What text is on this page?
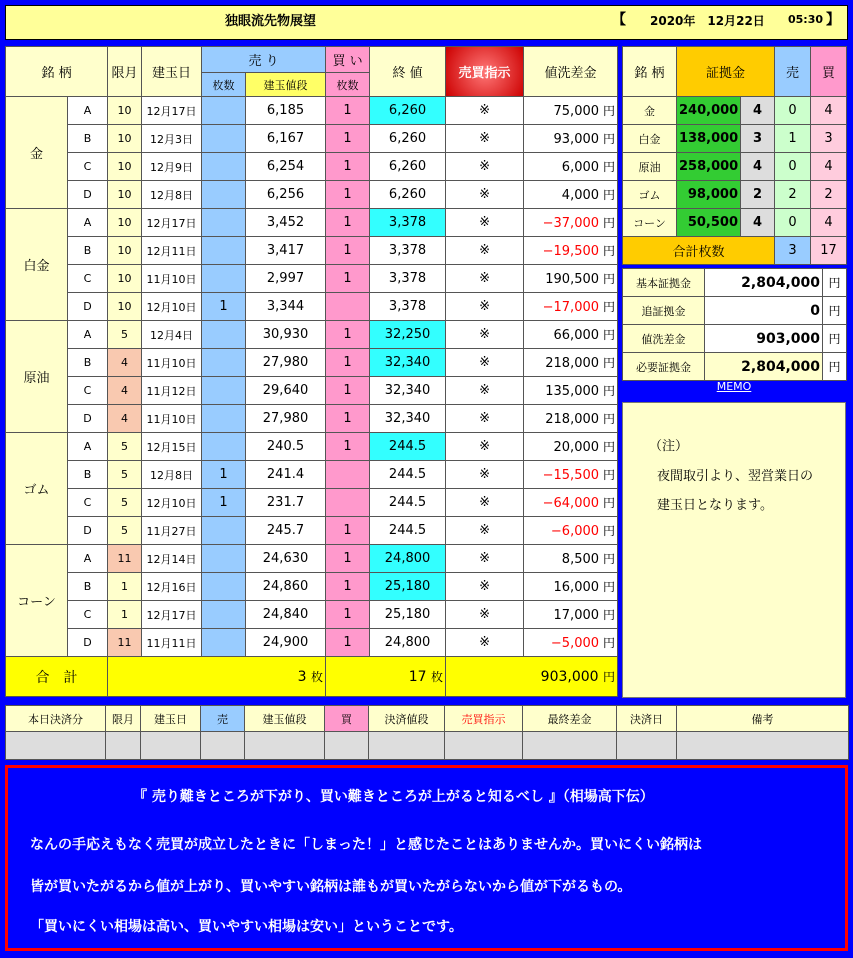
独眼流先物展望	【 2020年　12月22日 05:30 】
銘 柄		限月	建玉日	売 り		買 い	終 値	売買指示	値洗差金
				枚数	建玉値段	枚数			
金	A	10	12月17日		6,185	1	6,260	※	75,000 円
	B	10	12月3日		6,167	1	6,260	※	93,000 円
	C	10	12月9日		6,254	1	6,260	※	6,000 円
	D	10	12月8日		6,256	1	6,260	※	4,000 円
白金	A	10	12月17日		3,452	1	3,378	※	−37,000 円
	B	10	12月11日		3,417	1	3,378	※	−19,500 円
	C	10	11月10日		2,997	1	3,378	※	190,500 円
	D	10	12月10日	1	3,344		3,378	※	−17,000 円
原油	A	5	12月4日		30,930	1	32,250	※	66,000 円
	B	4	11月10日		27,980	1	32,340	※	218,000 円
	C	4	11月12日		29,640	1	32,340	※	135,000 円
	D	4	11月10日		27,980	1	32,340	※	218,000 円
ゴム	A	5	12月15日		240.5	1	244.5	※	20,000 円
	B	5	12月8日	1	241.4		244.5	※	−15,500 円
	C	5	12月10日	1	231.7		244.5	※	−64,000 円
	D	5	11月27日		245.7	1	244.5	※	−6,000 円
コーン	A	11	12月14日		24,630	1	24,800	※	8,500 円
	B	1	12月16日		24,860	1	25,180	※	16,000 円
	C	1	12月17日		24,840	1	25,180	※	17,000 円
	D	11	11月11日		24,900	1	24,800	※	−5,000 円
合　計		3 枚				17 枚		903,000 円	
銘 柄	証拠金		売	買
金	240,000	4	0	4
白金	138,000	3	1	3
原油	258,000	4	0	4
ゴム	98,000	2	2	2
コーン	50,500	4	0	4
合計枚数			3	17
基本証拠金	2,804,000	円
追証拠金	0	円
値洗差金	903,000	円
必要証拠金	2,804,000	円
MEMO
（注）
夜間取引より、翌営業日の
建玉日となります。
本日決済分	限月	建玉日	売	建玉値段	買	決済値段	売買指示	最終差金	決済日	備考

『 売り難きところが下がり、買い難きところが上がると知るべし 』（相場高下伝）

なんの手応えもなく売買が成立したときに「しまった！」と感じたことはありませんか。買いにくい銘柄は

皆が買いたがるから値が上がり、買いやすい銘柄は誰もが買いたがらないから値が下がるもの。

「買いにくい相場は高い、買いやすい相場は安い」ということです。
